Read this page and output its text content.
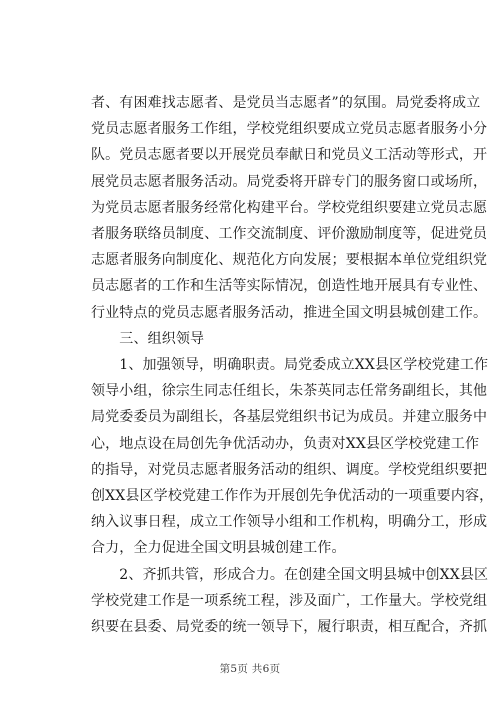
者、有困难找志愿者、是党员当志愿者”的氛围。局党委将成立
党员志愿者服务工作组，学校党组织要成立党员志愿者服务小分
队。党员志愿者要以开展党员奉献日和党员义工活动等形式，开
展党员志愿者服务活动。局党委将开辟专门的服务窗口或场所，
为党员志愿者服务经常化构建平台。学校党组织要建立党员志愿
者服务联络员制度、工作交流制度、评价激励制度等，促进党员
志愿者服务向制度化、规范化方向发展；要根据本单位党组织党
员志愿者的工作和生活等实际情况，创造性地开展具有专业性、
行业特点的党员志愿者服务活动，推进全国文明县城创建工作。
　　三、组织领导
　　1、加强领导，明确职责。局党委成立XX县区学校党建工作
领导小组，徐宗生同志任组长，朱茶英同志任常务副组长，其他
局党委委员为副组长，各基层党组织书记为成员。并建立服务中
心，地点设在局创先争优活动办，负责对XX县区学校党建工作
的指导，对党员志愿者服务活动的组织、调度。学校党组织要把
创XX县区学校党建工作作为开展创先争优活动的一项重要内容，
纳入议事日程，成立工作领导小组和工作机构，明确分工，形成
合力，全力促进全国文明县城创建工作。
　　2、齐抓共管，形成合力。在创建全国文明县城中创XX县区
学校党建工作是一项系统工程，涉及面广，工作量大。学校党组
织要在县委、局党委的统一领导下，履行职责，相互配合，齐抓
第5页 共6页
